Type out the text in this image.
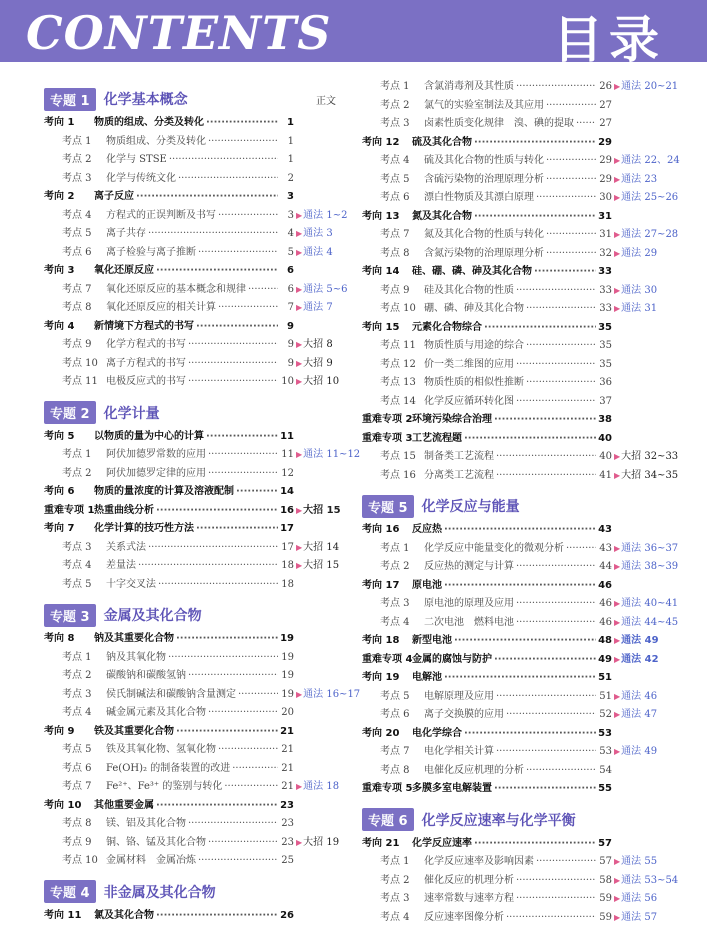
CONTENTS	目录
专题 1	化学基本概念	正文
考向 1	物质的组成、分类及转化 ·····	1
考点 1	物质组成、分类及转化 ·····	1
考点 2	化学与 STSE ·····	1
考点 3	化学与传统文化 ·····	2
考向 2	离子反应 ·····	3
考点 4	方程式的正误判断及书写 ·····	3 ▶通法 1~2
考点 5	离子共存 ·····	4 ▶通法 3
考点 6	离子检验与离子推断 ·····	5 ▶通法 4
考向 3	氧化还原反应 ·····	6
考点 7	氧化还原反应的基本概念和规律 ·····	6 ▶通法 5~6
考点 8	氧化还原反应的相关计算 ·····	7 ▶通法 7
考向 4	新情境下方程式的书写 ·····	9
考点 9	化学方程式的书写 ·····	9 ▶大招 8
考点 10 离子方程式的书写 ·····	9 ▶大招 9
考点 11 电极反应式的书写 ·····	10 ▶大招 10
专题 2	化学计量
考向 5	以物质的量为中心的计算 ·····	11
考点 1	阿伏加德罗常数的应用 ·····	11 ▶通法 11~12
考点 2	阿伏加德罗定律的应用 ·····	12
考向 6	物质的量浓度的计算及溶液配制 ·····	14
重难专项 1 热重曲线分析 ·····	16 ▶大招 15
考向 7	化学计算的技巧性方法 ·····	17
考点 3	关系式法 ·····	17 ▶大招 14
考点 4	差量法 ·····	18 ▶大招 15
考点 5	十字交叉法 ·····	18
专题 3	金属及其化合物
考向 8	钠及其重要化合物 ·····	19
考点 1	钠及其氧化物 ·····	19
考点 2	碳酸钠和碳酸氢钠 ·····	19
考点 3	侯氏制碱法和碳酸钠含量测定 ·····	19 ▶通法 16~17
考点 4	碱金属元素及其化合物 ·····	20
考向 9	铁及其重要化合物 ·····	21
考点 5	铁及其氧化物、氢氧化物 ·····	21
考点 6	Fe(OH)₂ 的制备装置的改进 ·····	21
考点 7	Fe²⁺、Fe³⁺ 的鉴别与转化 ·····	21 ▶通法 18
考向 10	其他重要金属 ·····	23
考点 8	镁、铝及其化合物 ·····	23
考点 9	铜、铬、锰及其化合物 ·····	23 ▶大招 19
考点 10 金属材料　金属冶炼 ·····	25
专题 4	非金属及其化合物
考向 11	氯及其化合物 ·····	26
考点 1	含氯消毒剂及其性质 ·····	26 ▶通法 20~21
考点 2	氯气的实验室制法及其应用 ·····	27
考点 3	卤素性质变化规律　溴、碘的提取 ·····	27
考向 12	硫及其化合物 ·····	29
考点 4	硫及其化合物的性质与转化 ·····	29 ▶通法 22、24
考点 5	含硫污染物的治理原理分析 ·····	29 ▶通法 23
考点 6	漂白性物质及其漂白原理 ·····	30 ▶通法 25~26
考向 13	氮及其化合物 ·····	31
考点 7	氮及其化合物的性质与转化 ·····	31 ▶通法 27~28
考点 8	含氮污染物的治理原理分析 ·····	32 ▶通法 29
考向 14	硅、硼、磷、砷及其化合物 ·····	33
考点 9	硅及其化合物的性质 ·····	33 ▶通法 30
考点 10 硼、磷、砷及其化合物 ·····	33 ▶通法 31
考向 15	元素化合物综合 ·····	35
考点 11 物质性质与用途的综合 ·····	35
考点 12 价一类二维图的应用 ·····	35
考点 13 物质性质的相似性推断 ·····	36
考点 14 化学反应循环转化图 ·····	37
重难专项 2 环境污染综合治理 ·····	38
重难专项 3 工艺流程题 ·····	40
考点 15 制备类工艺流程 ·····	40 ▶大招 32~33
考点 16 分离类工艺流程 ·····	41 ▶大招 34~35
专题 5	化学反应与能量
考向 16	反应热 ·····	43
考点 1	化学反应中能量变化的微观分析 ·····	43 ▶通法 36~37
考点 2	反应热的测定与计算 ·····	44 ▶通法 38~39
考向 17	原电池 ·····	46
考点 3	原电池的原理及应用 ·····	46 ▶通法 40~41
考点 4	二次电池　燃料电池 ·····	46 ▶通法 44~45
考向 18	新型电池 ·····	48 ▶通法 49
重难专项 4 金属的腐蚀与防护 ·····	49 ▶通法 42
考向 19	电解池 ·····	51
考点 5	电解原理及应用 ·····	51 ▶通法 46
考点 6	离子交换膜的应用 ·····	52 ▶通法 47
考向 20	电化学综合 ·····	53
考点 7	电化学相关计算 ·····	53 ▶通法 49
考点 8	电催化反应机理的分析 ·····	54
重难专项 5 多膜多室电解装置 ·····	55
专题 6	化学反应速率与化学平衡
考向 21	化学反应速率 ·····	57
考点 1	化学反应速率及影响因素 ·····	57 ▶通法 55
考点 2	催化反应的机理分析 ·····	58 ▶通法 53~54
考点 3	速率常数与速率方程 ·····	59 ▶通法 56
考点 4	反应速率图像分析 ·····	59 ▶通法 57
